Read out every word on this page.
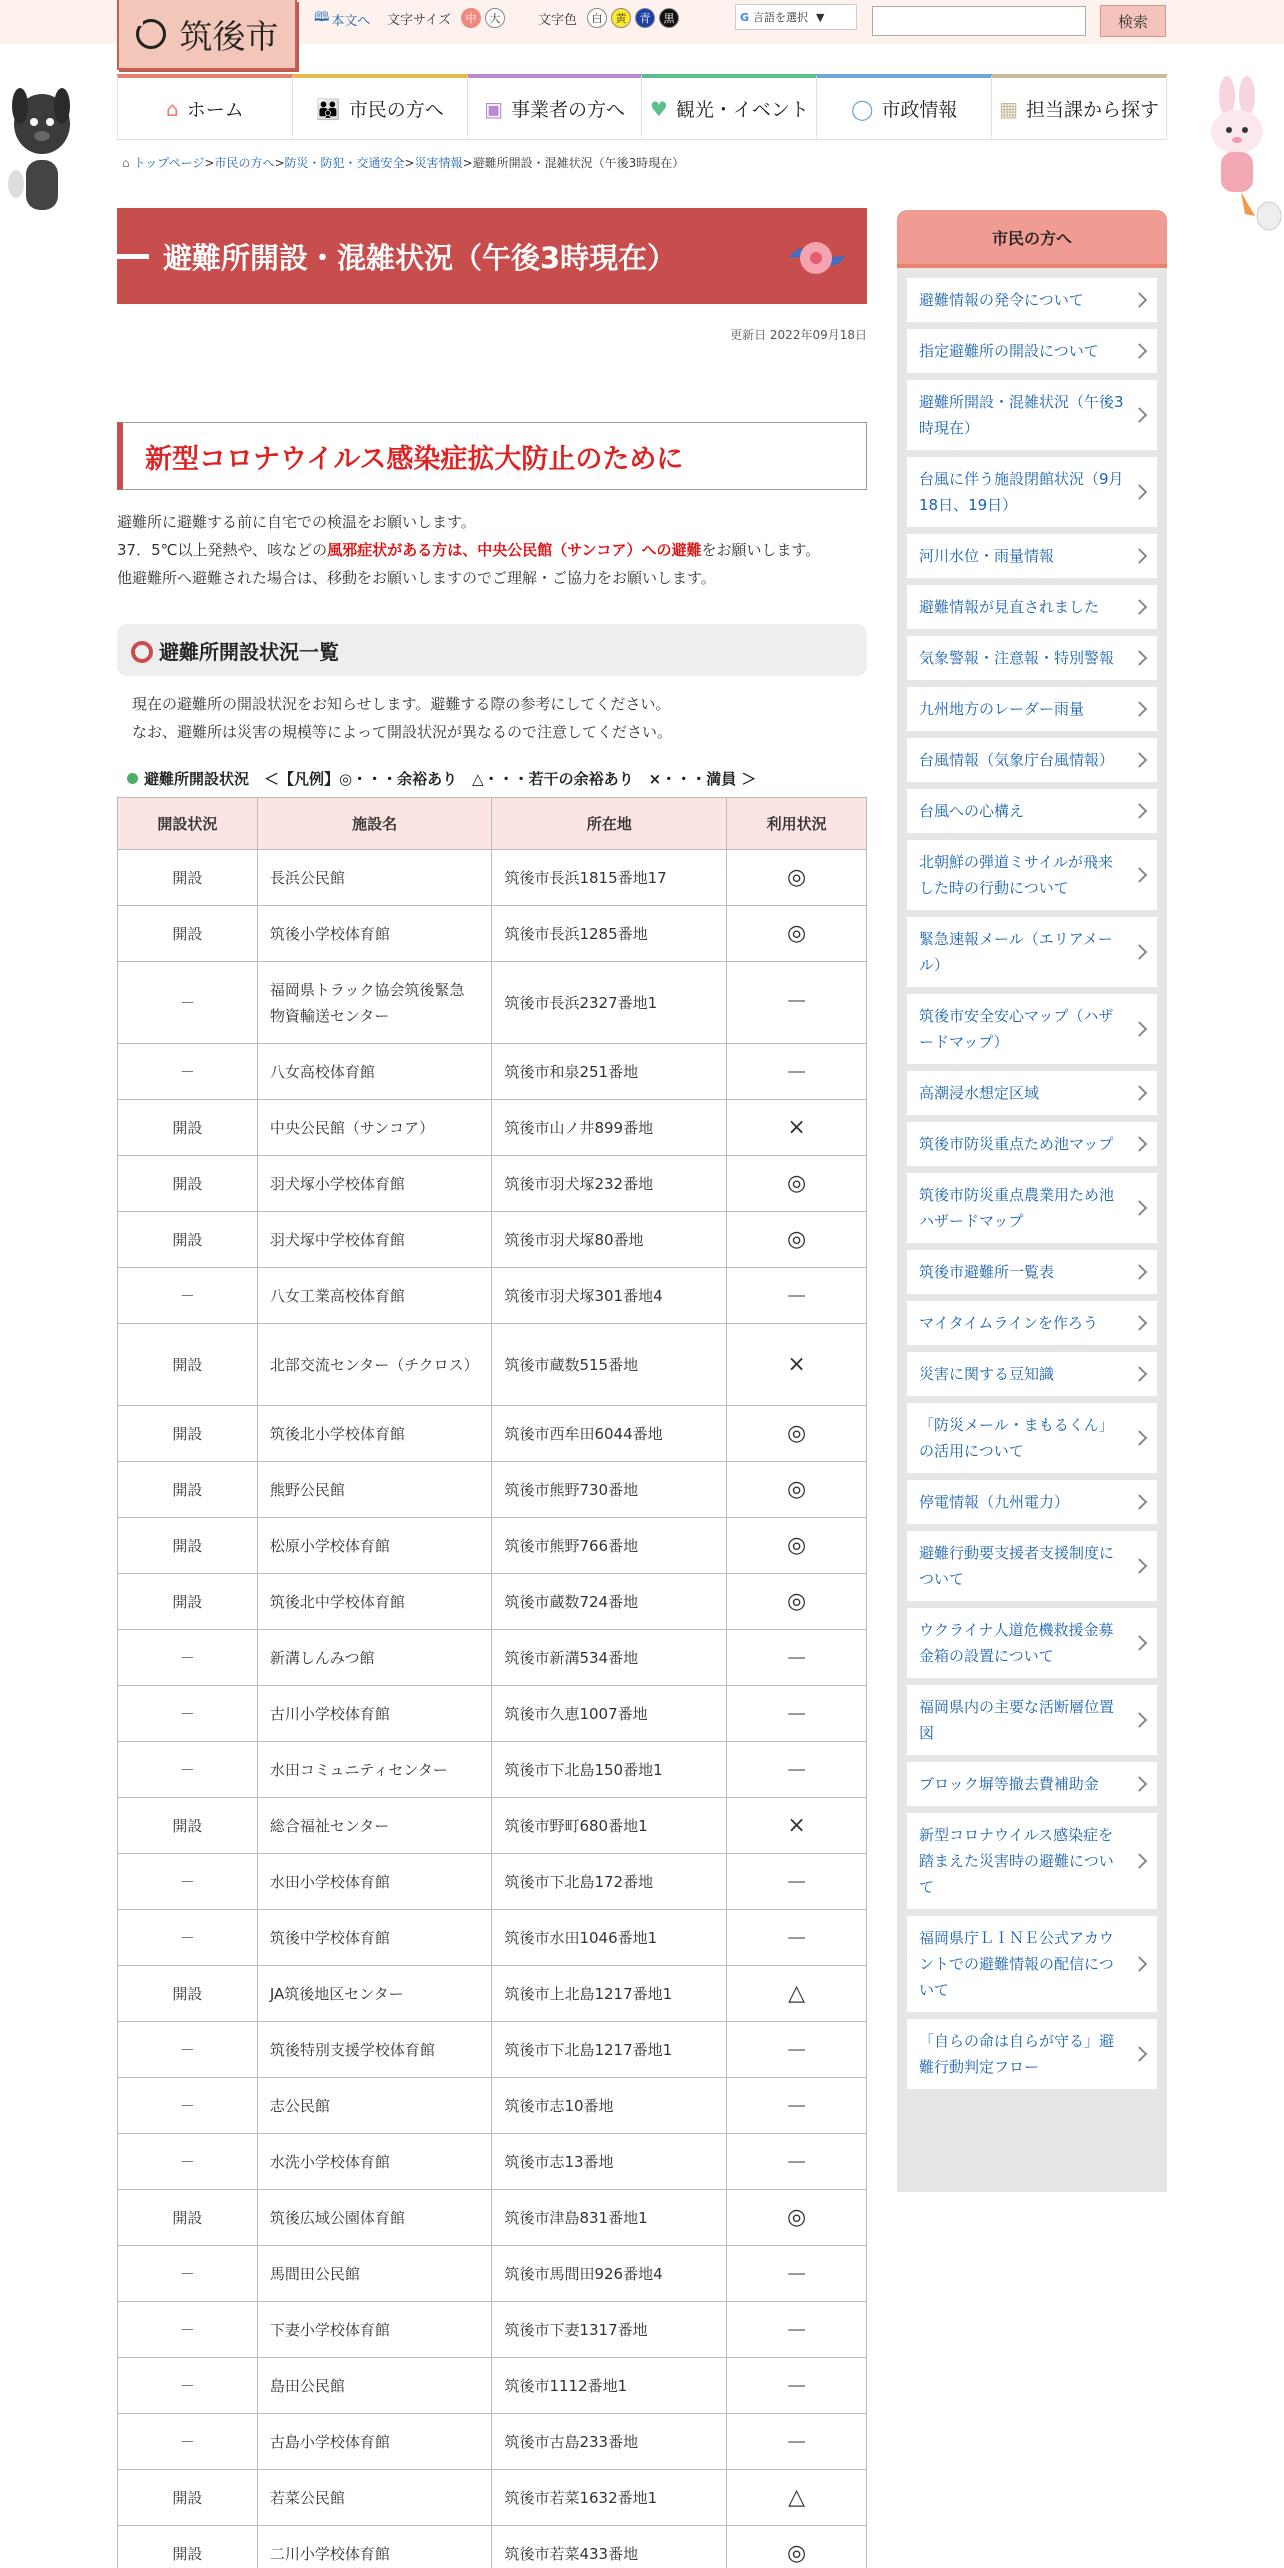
筑後市	🕮 本文へ 文字サイズ	中	大	文字色	白	黄	青	黒	G 言語を選択 ▼	検索
⌂ ホーム	👪 市民の方へ ▣ 事業者の方へ ♥ 観光・イベント ◯ 市政情報 ▦ 担当課から探す
⌂ トップページ>市民の方へ>防災・防犯・交通安全>災害情報>避難所開設・混雑状況（午後3時現在）
避難所開設・混雑状況（午後3時現在）
更新日 2022年09月18日
新型コロナウイルス感染症拡大防止のために
避難所に避難する前に自宅での検温をお願いします。
37．5℃以上発熱や、咳などの風邪症状がある方は、中央公民館（サンコア）への避難をお願いします。
他避難所へ避難された場合は、移動をお願いしますのでご理解・ご協力をお願いします。
避難所開設状況一覧
現在の避難所の開設状況をお知らせします。避難する際の参考にしてください。
なお、避難所は災害の規模等によって開設状況が異なるので注意してください。
避難所開設状況　＜【凡例】◎・・・余裕あり　△・・・若干の余裕あり　×・・・満員 ＞
開設状況	施設名	所在地	利用状況
開設	長浜公民館	筑後市長浜1815番地17	◎
開設	筑後小学校体育館	筑後市長浜1285番地	◎
－	福岡県トラック協会筑後緊急物資輸送センター	筑後市長浜2327番地1	－
－	八女高校体育館	筑後市和泉251番地	－
開設	中央公民館（サンコア）	筑後市山ノ井899番地	×
開設	羽犬塚小学校体育館	筑後市羽犬塚232番地	◎
開設	羽犬塚中学校体育館	筑後市羽犬塚80番地	◎
－	八女工業高校体育館	筑後市羽犬塚301番地4	－
開設	北部交流センター（チクロス）	筑後市蔵数515番地	×
開設	筑後北小学校体育館	筑後市西牟田6044番地	◎
開設	熊野公民館	筑後市熊野730番地	◎
開設	松原小学校体育館	筑後市熊野766番地	◎
開設	筑後北中学校体育館	筑後市蔵数724番地	◎
－	新溝しんみつ館	筑後市新溝534番地	－
－	古川小学校体育館	筑後市久恵1007番地	－
－	水田コミュニティセンター	筑後市下北島150番地1	－
開設	総合福祉センター	筑後市野町680番地1	×
－	水田小学校体育館	筑後市下北島172番地	－
－	筑後中学校体育館	筑後市水田1046番地1	－
開設	JA筑後地区センター	筑後市上北島1217番地1	△
－	筑後特別支援学校体育館	筑後市下北島1217番地1	－
－	志公民館	筑後市志10番地	－
－	水洗小学校体育館	筑後市志13番地	－
開設	筑後広域公園体育館	筑後市津島831番地1	◎
－	馬間田公民館	筑後市馬間田926番地4	－
－	下妻小学校体育館	筑後市下妻1317番地	－
－	島田公民館	筑後市1112番地1	－
－	古島小学校体育館	筑後市古島233番地	－
開設	若菜公民館	筑後市若菜1632番地1	△
開設	二川小学校体育館	筑後市若菜433番地	◎
市民の方へ
避難情報の発令について
指定避難所の開設について
避難所開設・混雑状況（午後3時現在）
台風に伴う施設閉館状況（9月18日、19日）
河川水位・雨量情報
避難情報が見直されました
気象警報・注意報・特別警報
九州地方のレーダー雨量
台風情報（気象庁台風情報）
台風への心構え
北朝鮮の弾道ミサイルが飛来した時の行動について
緊急速報メール（エリアメール）
筑後市安全安心マップ（ハザードマップ）
高潮浸水想定区域
筑後市防災重点ため池マップ
筑後市防災重点農業用ため池ハザードマップ
筑後市避難所一覧表
マイタイムラインを作ろう
災害に関する豆知識
「防災メール・まもるくん」の活用について
停電情報（九州電力）
避難行動要支援者支援制度について
ウクライナ人道危機救援金募金箱の設置について
福岡県内の主要な活断層位置図
ブロック塀等撤去費補助金
新型コロナウイルス感染症を踏まえた災害時の避難について
福岡県庁ＬＩＮＥ公式アカウントでの避難情報の配信について
「自らの命は自らが守る」避難行動判定フロー
